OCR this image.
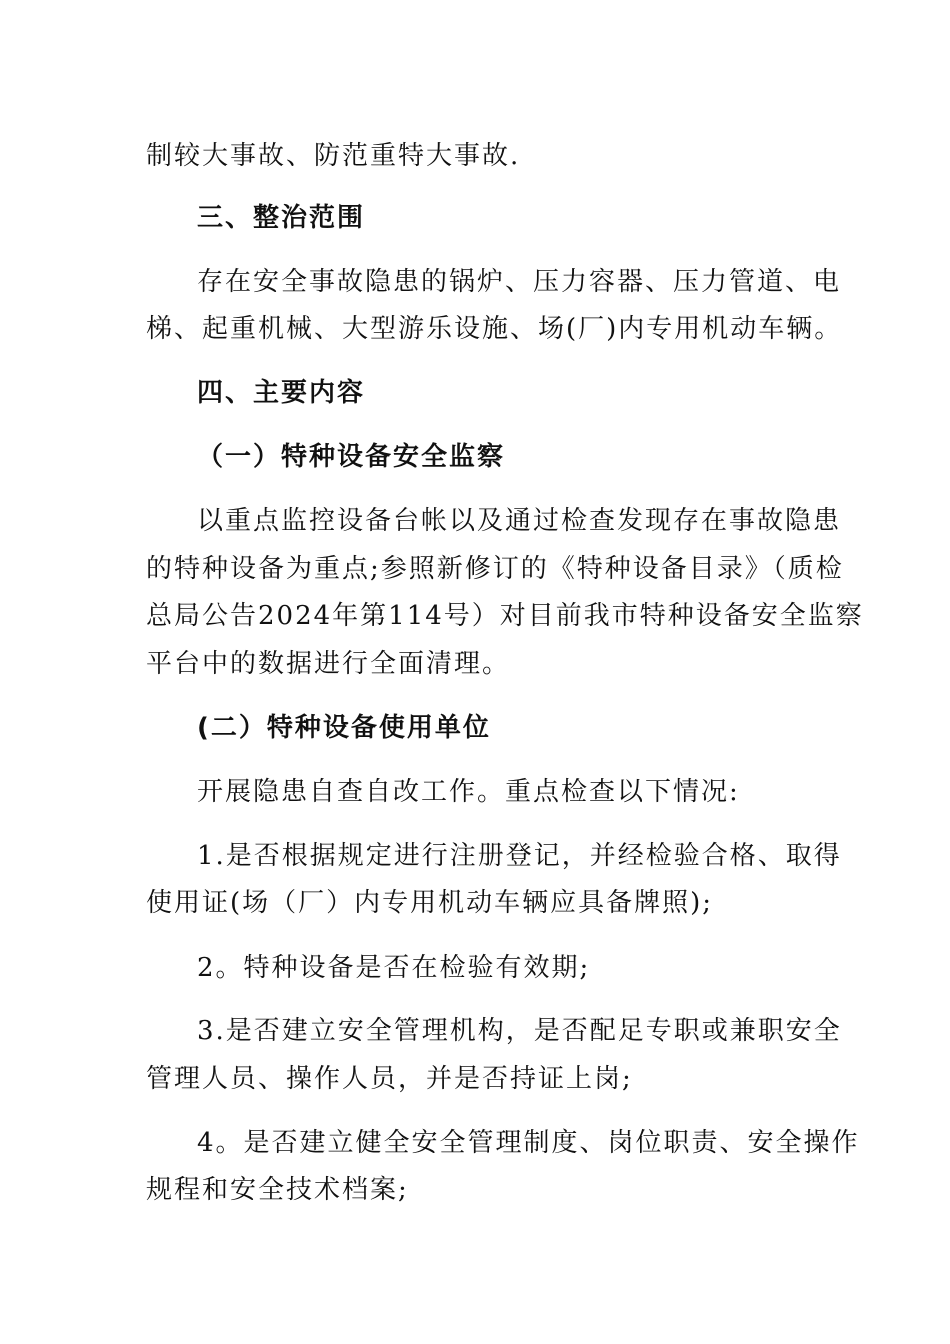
制较大事故、防范重特大事故.
三、整治范围
存在安全事故隐患的锅炉、压力容器、压力管道、电
梯、起重机械、大型游乐设施、场(厂)内专用机动车辆。
四、主要内容
（一）特种设备安全监察
以重点监控设备台帐以及通过检查发现存在事故隐患
的特种设备为重点;参照新修订的《特种设备目录》（质检
总局公告2024年第114号）对目前我市特种设备安全监察
平台中的数据进行全面清理。
(二）特种设备使用单位
开展隐患自查自改工作。重点检查以下情况:
1.是否根据规定进行注册登记，并经检验合格、取得
使用证(场（厂）内专用机动车辆应具备牌照);
2。特种设备是否在检验有效期;
3.是否建立安全管理机构，是否配足专职或兼职安全
管理人员、操作人员，并是否持证上岗;
4。是否建立健全安全管理制度、岗位职责、安全操作
规程和安全技术档案;
